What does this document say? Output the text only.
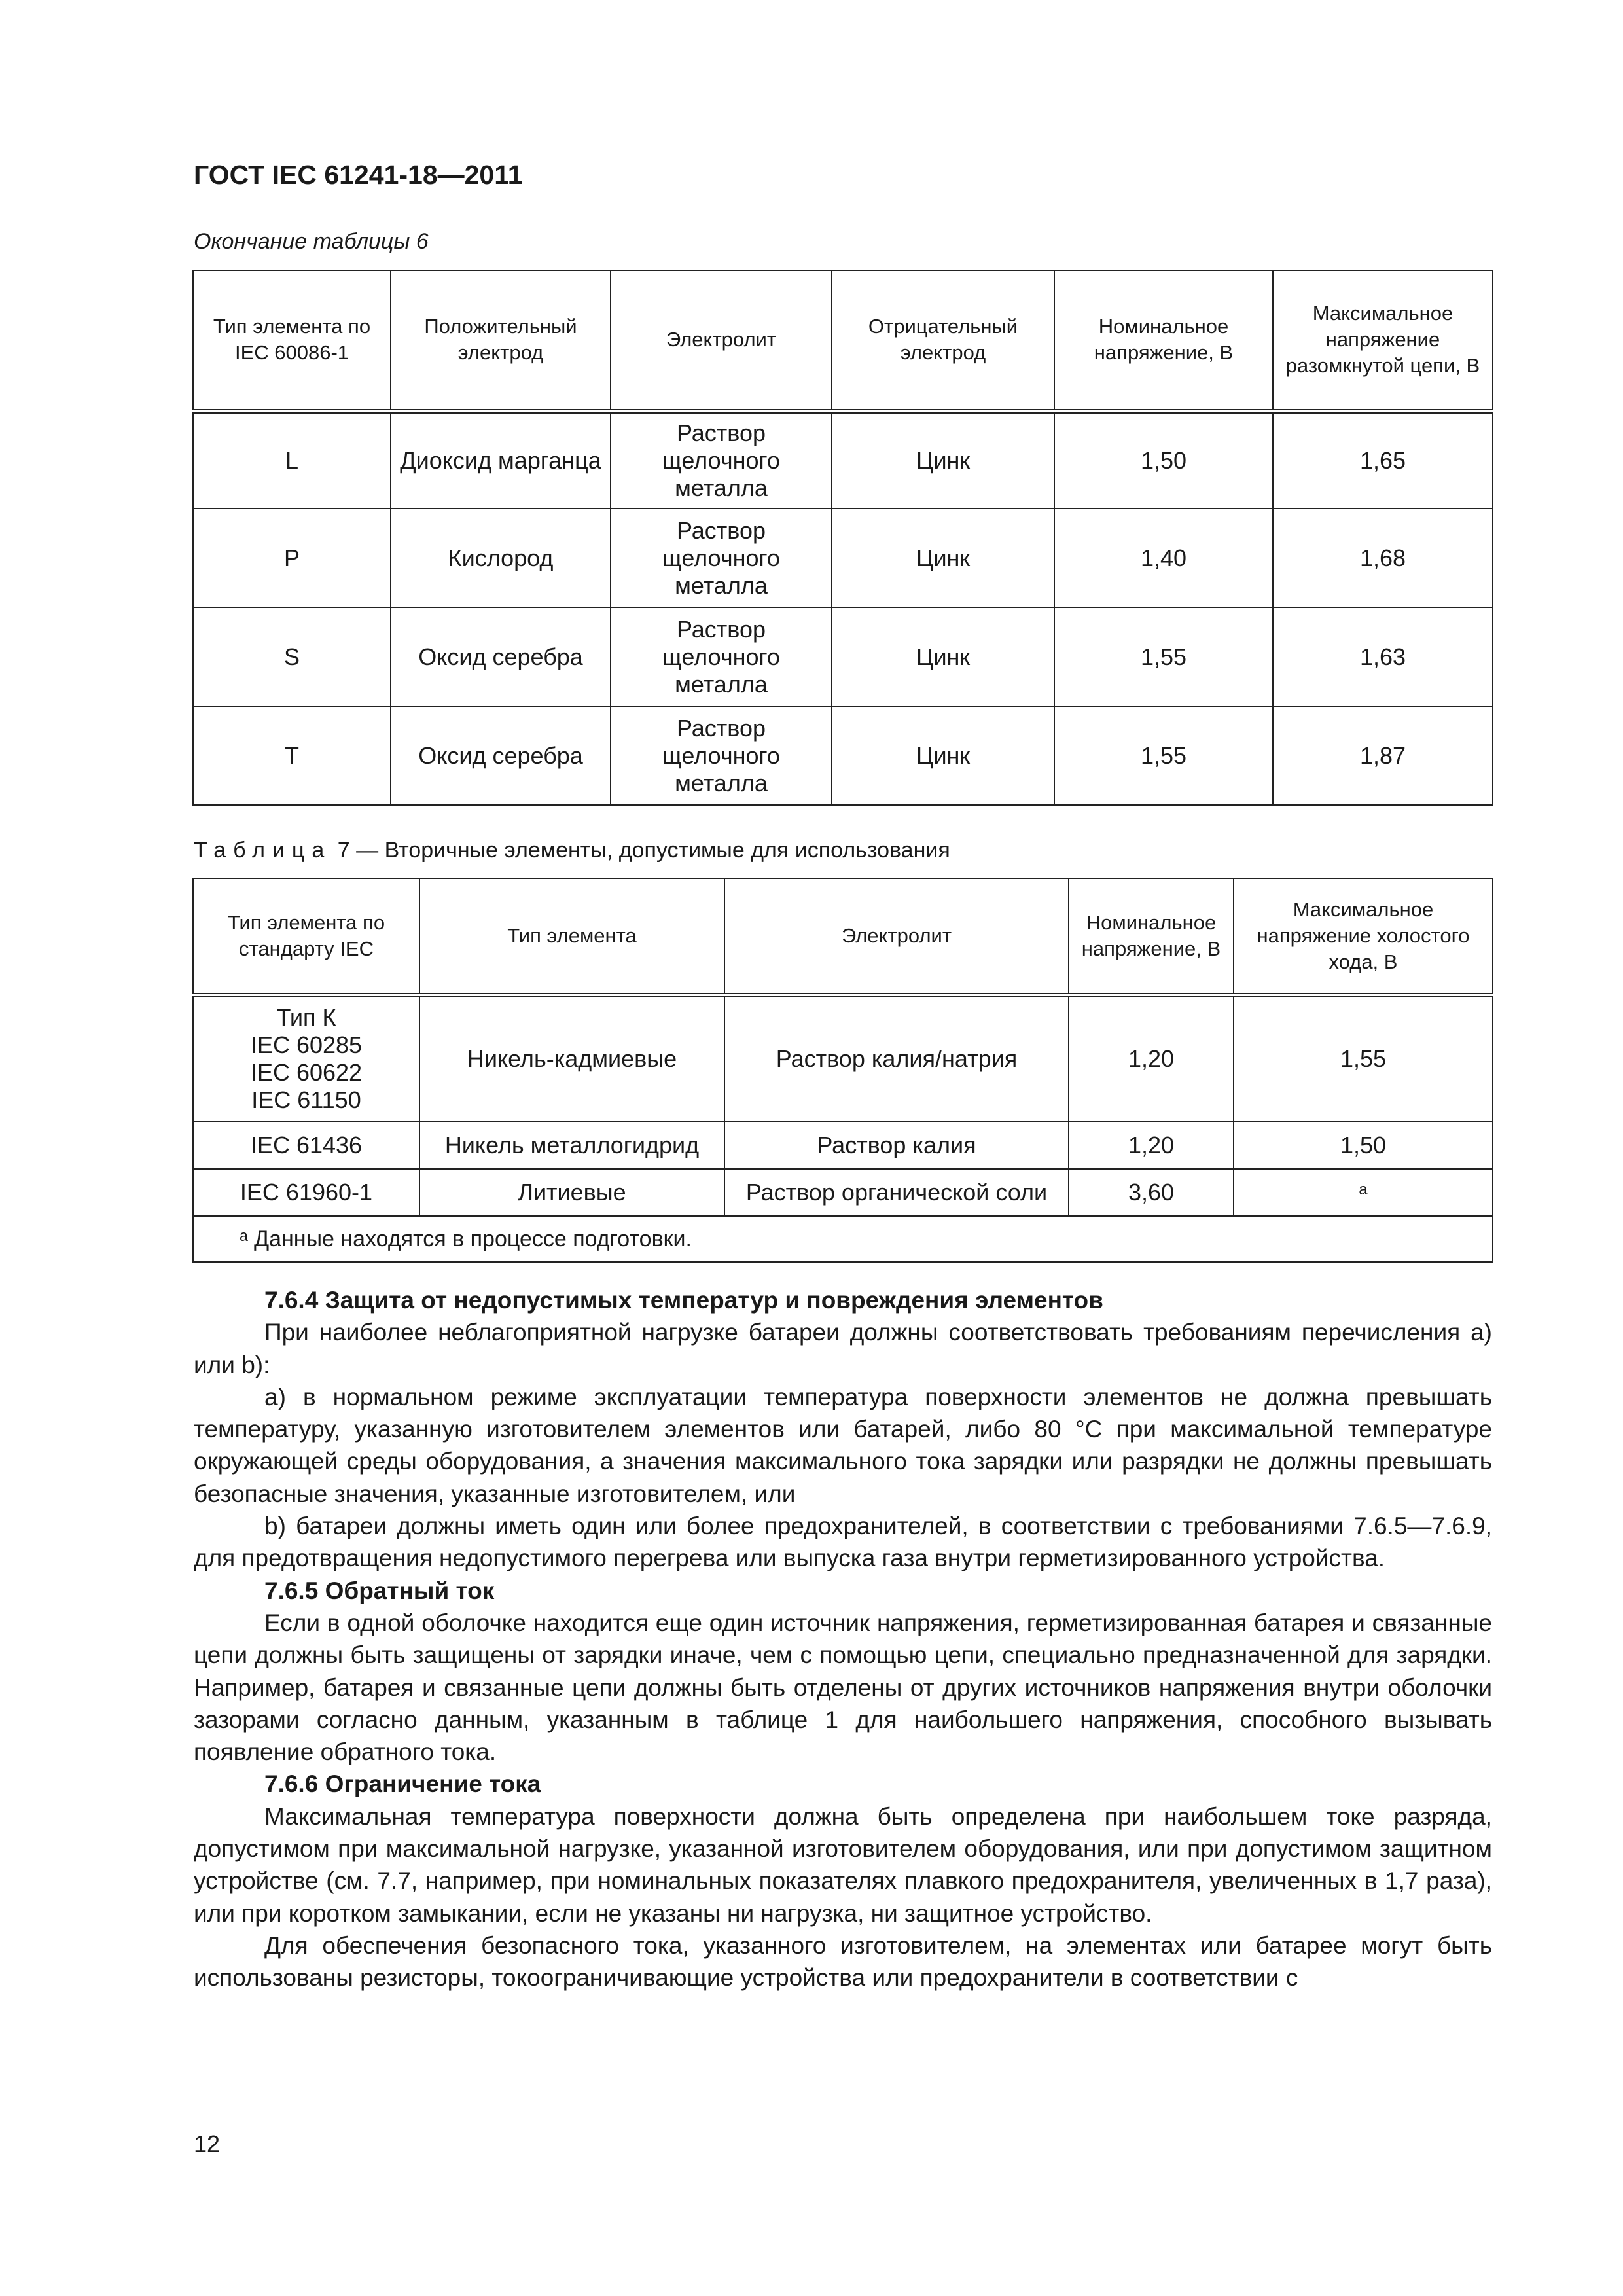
ГОСТ IEC 61241-18—2011
Окончание таблицы 6
Тип элемента по IEC 60086-1	Положительный электрод	Электролит	Отрицательный электрод	Номинальное напряжение, В	Максимальное напряжение разомкнутой цепи, В
L	Диоксид марганца	Раствор щелочного металла	Цинк	1,50	1,65
P	Кислород	Раствор щелочного металла	Цинк	1,40	1,68
S	Оксид серебра	Раствор щелочного металла	Цинк	1,55	1,63
T	Оксид серебра	Раствор щелочного металла	Цинк	1,55	1,87
Таблица 7 — Вторичные элементы, допустимые для использования
Тип элемента по стандарту IEC	Тип элемента	Электролит	Номинальное напряжение, В	Максимальное напряжение холостого хода, В
Тип К
IEC 60285
IEC 60622
IEC 61150	Никель-кадмиевые	Раствор калия/натрия	1,20	1,55
IEC 61436	Никель металлогидрид	Раствор калия	1,20	1,50
IEC 61960-1	Литиевые	Раствор органической соли	3,60	a
ᵃ Данные находятся в процессе подготовки.				
7.6.4 Защита от недопустимых температур и повреждения элементов

При наиболее неблагоприятной нагрузке батареи должны соответствовать требованиям перечисления a) или b):

a) в нормальном режиме эксплуатации температура поверхности элементов не должна превышать температуру, указанную изготовителем элементов или батарей, либо 80 °C при максимальной температуре окружающей среды оборудования, а значения максимального тока зарядки или разрядки не должны превышать безопасные значения, указанные изготовителем, или

b) батареи должны иметь один или более предохранителей, в соответствии с требованиями 7.6.5—7.6.9, для предотвращения недопустимого перегрева или выпуска газа внутри герметизированного устройства.

7.6.5 Обратный ток

Если в одной оболочке находится еще один источник напряжения, герметизированная батарея и связанные цепи должны быть защищены от зарядки иначе, чем с помощью цепи, специально предназначенной для зарядки. Например, батарея и связанные цепи должны быть отделены от других источников напряжения внутри оболочки зазорами согласно данным, указанным в таблице 1 для наибольшего напряжения, способного вызывать появление обратного тока.

7.6.6 Ограничение тока

Максимальная температура поверхности должна быть определена при наибольшем токе разряда, допустимом при максимальной нагрузке, указанной изготовителем оборудования, или при допустимом защитном устройстве (см. 7.7, например, при номинальных показателях плавкого предохранителя, увеличенных в 1,7 раза), или при коротком замыкании, если не указаны ни нагрузка, ни защитное устройство.

Для обеспечения безопасного тока, указанного изготовителем, на элементах или батарее могут быть использованы резисторы, токоограничивающие устройства или предохранители в соответствии с

12
